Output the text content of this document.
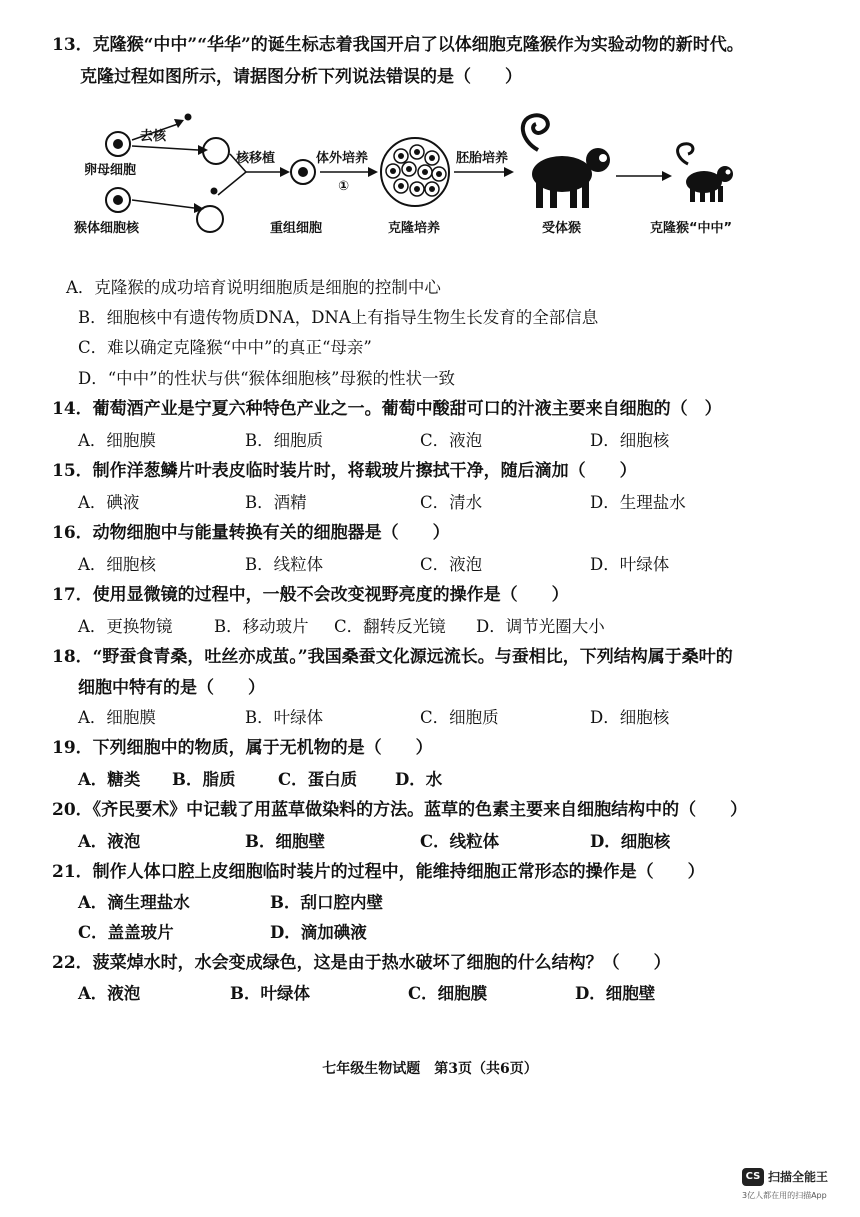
13．克隆猴“中中”“华华”的诞生标志着我国开启了以体细胞克隆猴作为实验动物的新时代。
克隆过程如图所示，请据图分析下列说法错误的是（　　）
卵母细胞
去核
猴体细胞核
核移植
重组细胞
体外培养
①
克隆培养
胚胎培养
受体猴	克隆猴“中中”
A．克隆猴的成功培育说明细胞质是细胞的控制中心
B．细胞核中有遗传物质DNA，DNA上有指导生物生长发育的全部信息
C．难以确定克隆猴“中中”的真正“母亲”
D．“中中”的性状与供“猴体细胞核”母猴的性状一致
14．葡萄酒产业是宁夏六种特色产业之一。葡萄中酸甜可口的汁液主要来自细胞的（　）
A．细胞膜	B．细胞质	C．液泡	D．细胞核
15．制作洋葱鳞片叶表皮临时装片时，将载玻片擦拭干净，随后滴加（　　）
A．碘液	B．酒精	C．清水	D．生理盐水
16．动物细胞中与能量转换有关的细胞器是（　　）
A．细胞核	B．线粒体	C．液泡	D．叶绿体
17．使用显微镜的过程中，一般不会改变视野亮度的操作是（　　）
A．更换物镜	B．移动玻片 C．翻转反光镜 D．调节光圈大小
18．“野蚕食青桑，吐丝亦成茧。”我国桑蚕文化源远流长。与蚕相比，下列结构属于桑叶的
细胞中特有的是（　　）
A．细胞膜	B．叶绿体	C．细胞质	D．细胞核
19．下列细胞中的物质，属于无机物的是（　　）
A．糖类 B．脂质	C．蛋白质 D．水
20．《齐民要术》中记载了用蓝草做染料的方法。蓝草的色素主要来自细胞结构中的（　　）
A．液泡	B．细胞壁	C．线粒体	D．细胞核
21．制作人体口腔上皮细胞临时装片的过程中，能维持细胞正常形态的操作是（　　）
A．滴生理盐水	B．刮口腔内壁
C．盖盖玻片	D．滴加碘液
22．菠菜焯水时，水会变成绿色，这是由于热水破坏了细胞的什么结构？（　　）
A．液泡	B．叶绿体	C．细胞膜	D．细胞壁
七年级生物试题　第3页（共6页）
CS 扫描全能王
3亿人都在用的扫描App
